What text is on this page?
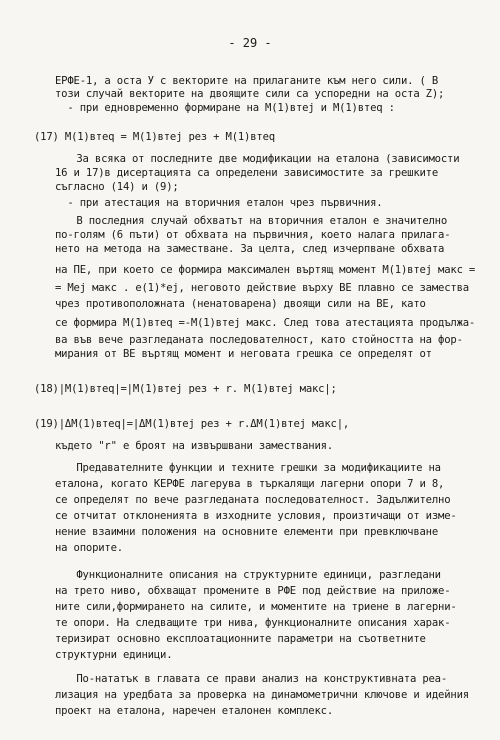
- 29 -
ЕРФЕ-1, а оста У с векторите на прилаганите към него сили. ( В
този случай векторите на двоящите сили са успоредни на оста Z);
- при едновременно формиране на M(1)втеj и M(1)втеq :
(17) M(1)втеq = M(1)втеj рез + M(1)втеq
За всяка от последните две модификации на еталона (зависимости
16 и 17)в дисертацията са определени зависимостите за грешките
съгласно (14) и (9);
- при атестация на вторичния еталон чрез първичния.
В последния случай обхватът на вторичния еталон е значително
по-голям (6 пъти) от обхвата на първичния, което налага прилага-
нето на метода на заместване. За целта, след изчерпване обхвата
на ПЕ, при което се формира максимален въртящ момент M(1)втеj макс =
= Mej макс . e(1)*ej, неговото действие върху ВЕ плавно се замества
чрез противоположната (ненатоварена) двоящи сили на ВЕ, като
се формира M(1)втеq =-M(1)втеj макс. След това атестацията продължа-
ва във вече разгледаната последователност, като стойността на фор-
мирания от ВЕ въртящ момент и неговата грешка се определят от
(18)|M(1)втеq|=|M(1)втеj рез + r. M(1)втеj макс|;
(19)|ΔM(1)втеq|=|ΔM(1)втеj рез + r.ΔM(1)втеj макс|,
където "r" е броят на извършвани замествания.
Предавателните функции и техните грешки за модификациите на
еталона, когато КЕРФЕ лагерува в търкалящи лагерни опори 7 и 8,
се определят по вече разгледаната последователност. Задължително
се отчитат отклоненията в изходните условия, произтичащи от изме-
нение взаимни положения на основните елементи при превключване
на опорите.
Функционалните описания на структурните единици, разгледани
на трето ниво, обхващат промените в РФЕ под действие на приложе-
ните сили,формирането на силите, и моментите на триене в лагерни-
те опори. На следващите три нива, функционалните описания харак-
теризират основно експлоатационните параметри на съответните
структурни единици.
По-нататък в главата се прави анализ на конструктивната реа-
лизация на уредбата за проверка на динамометрични ключове и идейния
проект на еталона, наречен еталонен комплекс.
